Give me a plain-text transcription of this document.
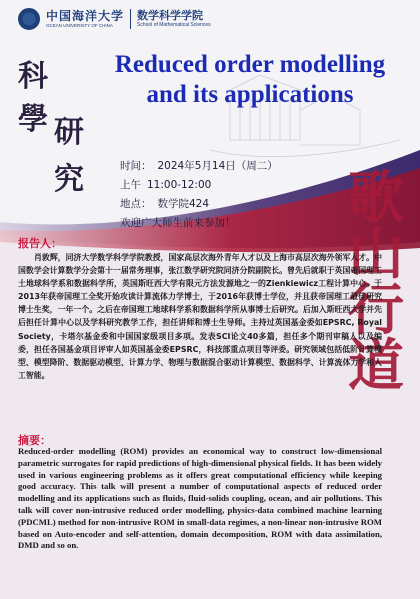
中国海洋大学
OCEAN UNIVERSITY OF CHINA
数学科学学院
School of Mathematical Sciences
科
學 研
究
Reduced order modelling and its applications
时间： 2024年5月14日（周二）
上午 11:00-12:00
地点： 数学院424
欢迎广大师生前来参加！ 歌山行道
报告人：

肖敦辉，同济大学数学科学学院教授，国家高层次海外青年人才以及上海市高层次海外领军人才。中国数学会计算数学分会第十一届常务理事，张江数学研究院同济分院副院长。曾先后就职于英国帝国理工土地球科学系和数据科学所，英国斯旺西大学有限元方法发源地之一的Zienkiewicz工程计算中心。于2013年获帝国理工全奖开始攻读计算流体力学博士，于2016年获博士学位，并且获帝国理工最佳研究博士生奖，一年一个。之后在帝国理工地球科学系和数据科学所从事博士后研究。后加入斯旺西大学并先后担任计算中心以及学科研究教学工作，担任讲师和博士生导师。主持过英国基金委如EPSRC, Royal Society，卡塔尔基金委和中国国家级项目多项。发表SCI论文40多篇，担任多个期刊审稿人以及编委，担任各国基金项目评审人如英国基金委EPSRC，科技部重点项目等评委。研究领域包括低阶计算模型、模型降阶、数据驱动模型、计算力学、物理与数据混合驱动计算模型、数据科学、计算流体力学和人工智能。

摘要：

Reduced-order modelling (ROM) provides an economical way to construct low-dimensional parametric surrogates for rapid predictions of high-dimensional physical fields. It has been widely used in various engineering problems as it offers great computational efficiency while keeping good accuracy. This talk will present a number of computational aspects of reduced order modelling and its applications such as fluids, fluid-solids coupling, ocean, and air pollutions. This talk will cover non-intrusive reduced order modelling, physics-data combined machine learning (PDCML) method for non-intrusive ROM in small-data regimes, a non-linear non-intrusive ROM based on Auto-encoder and self-attention, domain decomposition, ROM with data assimilation, DMD and so on.
